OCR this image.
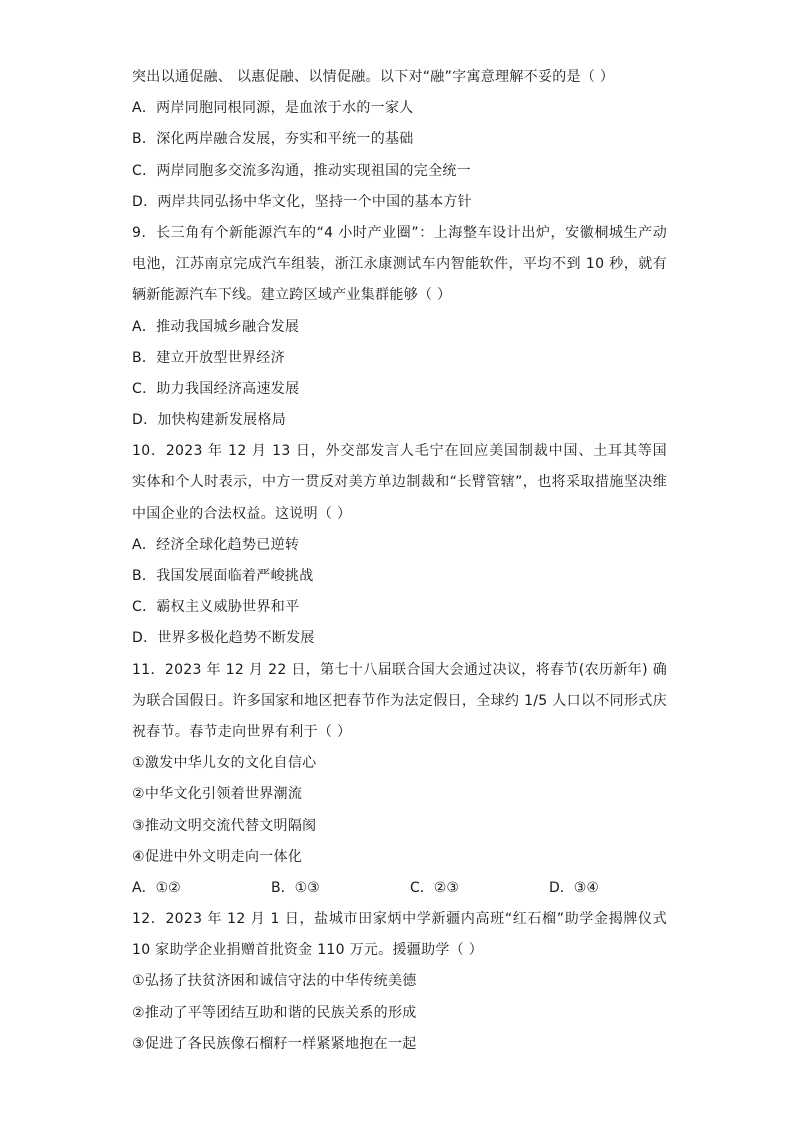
突出以通促融、 以惠促融、以情促融。以下对“融”字寓意理解不妥的是（ ）
A．两岸同胞同根同源，是血浓于水的一家人
B．深化两岸融合发展，夯实和平统一的基础
C．两岸同胞多交流多沟通，推动实现祖国的完全统一
D．两岸共同弘扬中华文化，坚持一个中国的基本方针
9．长三角有个新能源汽车的“4 小时产业圈”：上海整车设计出炉，安徽桐城生产动
电池，江苏南京完成汽车组装，浙江永康测试车内智能软件，平均不到 10 秒，就有
辆新能源汽车下线。建立跨区域产业集群能够（ ）
A．推动我国城乡融合发展
B．建立开放型世界经济
C．助力我国经济高速发展
D．加快构建新发展格局
10．2023 年 12 月 13 日，外交部发言人毛宁在回应美国制裁中国、土耳其等国
实体和个人时表示，中方一贯反对美方单边制裁和“长臂管辖”，也将采取措施坚决维
中国企业的合法权益。这说明（ ）
A．经济全球化趋势已逆转
B．我国发展面临着严峻挑战
C．霸权主义威胁世界和平
D．世界多极化趋势不断发展
11．2023 年 12 月 22 日，第七十八届联合国大会通过决议，将春节(农历新年) 确
为联合国假日。许多国家和地区把春节作为法定假日，全球约 1/5 人口以不同形式庆
祝春节。春节走向世界有利于（ ）
①激发中华儿女的文化自信心
②中华文化引领着世界潮流
③推动文明交流代替文明隔阂
④促进中外文明走向一体化
A．①②	B．①③	C．②③	D．③④
12．2023 年 12 月 1 日，盐城市田家炳中学新疆内高班“红石榴”助学金揭牌仪式
10 家助学企业捐赠首批资金 110 万元。援疆助学（ ）
①弘扬了扶贫济困和诚信守法的中华传统美德
②推动了平等团结互助和谐的民族关系的形成
③促进了各民族像石榴籽一样紧紧地抱在一起
